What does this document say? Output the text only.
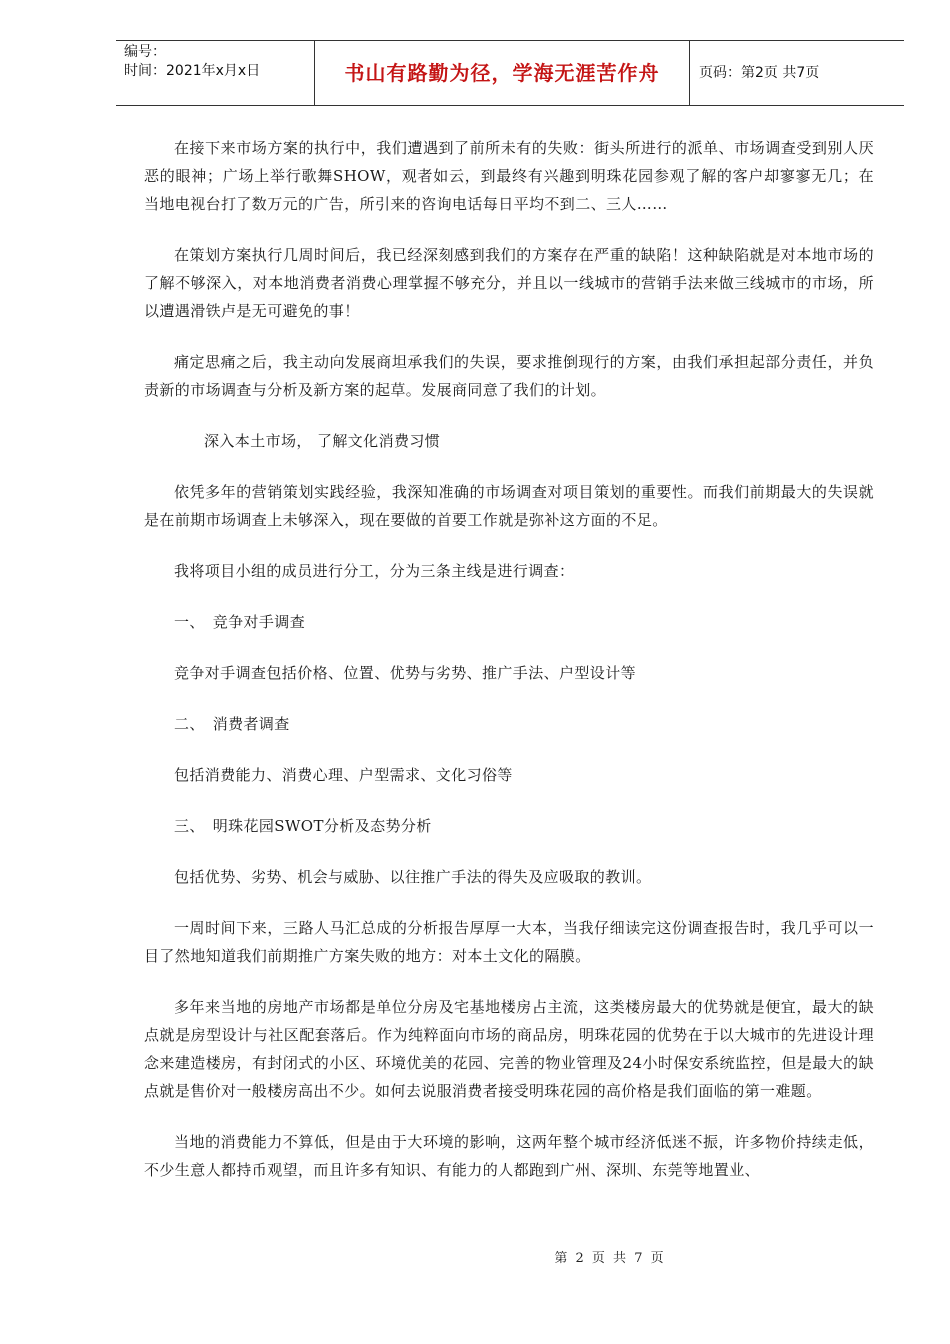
编号：
时间：2021年x月x日	书山有路勤为径，学海无涯苦作舟	页码：第2页 共7页

在接下来市场方案的执行中，我们遭遇到了前所未有的失败：街头所进行的派单、市场调查受到别人厌恶的眼神；广场上举行歌舞SHOW，观者如云，到最终有兴趣到明珠花园参观了解的客户却寥寥无几；在当地电视台打了数万元的广告，所引来的咨询电话每日平均不到二、三人……

在策划方案执行几周时间后，我已经深刻感到我们的方案存在严重的缺陷！这种缺陷就是对本地市场的了解不够深入，对本地消费者消费心理掌握不够充分，并且以一线城市的营销手法来做三线城市的市场，所以遭遇滑铁卢是无可避免的事！

痛定思痛之后，我主动向发展商坦承我们的失误，要求推倒现行的方案，由我们承担起部分责任，并负责新的市场调查与分析及新方案的起草。发展商同意了我们的计划。

深入本土市场， 了解文化消费习惯

依凭多年的营销策划实践经验，我深知准确的市场调查对项目策划的重要性。而我们前期最大的失误就是在前期市场调查上未够深入，现在要做的首要工作就是弥补这方面的不足。

我将项目小组的成员进行分工，分为三条主线是进行调查：

一、　竞争对手调查

竞争对手调查包括价格、位置、优势与劣势、推广手法、户型设计等

二、　消费者调查

包括消费能力、消费心理、户型需求、文化习俗等

三、　明珠花园SWOT分析及态势分析

包括优势、劣势、机会与威胁、以往推广手法的得失及应吸取的教训。

一周时间下来，三路人马汇总成的分析报告厚厚一大本，当我仔细读完这份调查报告时，我几乎可以一目了然地知道我们前期推广方案失败的地方：对本土文化的隔膜。

多年来当地的房地产市场都是单位分房及宅基地楼房占主流，这类楼房最大的优势就是便宜，最大的缺点就是房型设计与社区配套落后。作为纯粹面向市场的商品房，明珠花园的优势在于以大城市的先进设计理念来建造楼房，有封闭式的小区、环境优美的花园、完善的物业管理及24小时保安系统监控，但是最大的缺点就是售价对一般楼房高出不少。如何去说服消费者接受明珠花园的高价格是我们面临的第一难题。

当地的消费能力不算低，但是由于大环境的影响，这两年整个城市经济低迷不振，许多物价持续走低，不少生意人都持币观望，而且许多有知识、有能力的人都跑到广州、深圳、东莞等地置业、

第 2 页 共 7 页
